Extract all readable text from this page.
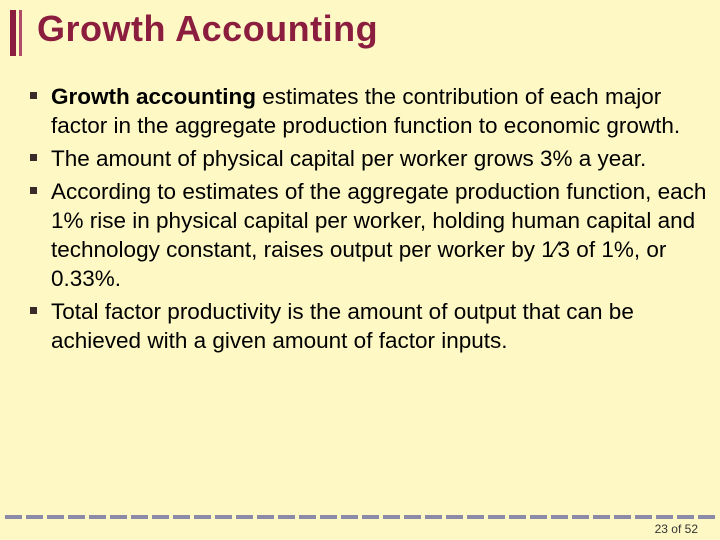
Growth Accounting
Growth accounting estimates the contribution of each major factor in the aggregate production function to economic growth.
The amount of physical capital per worker grows 3% a year.
According to estimates of the aggregate production function, each 1% rise in physical capital per worker, holding human capital and technology constant, raises output per worker by 1⁄3 of 1%, or 0.33%.
Total factor productivity is the amount of output that can be achieved with a given amount of factor inputs.
23 of 52
